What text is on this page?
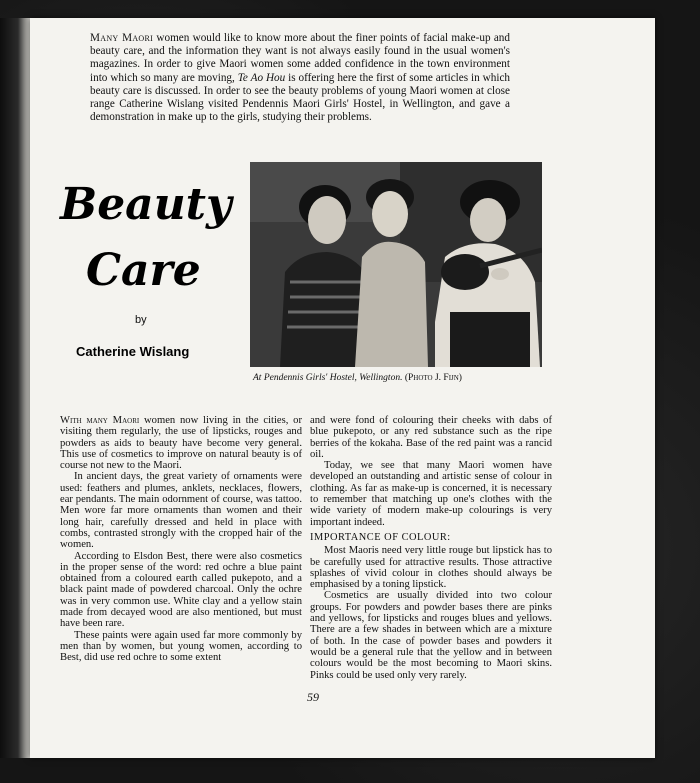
Many Maori women would like to know more about the finer points of facial make-up and beauty care, and the information they want is not always easily found in the usual women's magazines. In order to give Maori women some added confidence in the town environment into which so many are moving, Te Ao Hou is offering here the first of some articles in which beauty care is discussed. In order to see the beauty problems of young Maori women at close range Catherine Wislang visited Pendennis Maori Girls' Hostel, in Wellington, and gave a demonstration in make up to the girls, studying their problems.
Beauty
Care
by
Catherine Wislang
At Pendennis Girls' Hostel, Wellington. (Photo J. Fijn)

With many Maori women now living in the cities, or visiting them regularly, the use of lipsticks, rouges and powders as aids to beauty have become very general. This use of cosmetics to improve on natural beauty is of course not new to the Maori.

In ancient days, the great variety of ornaments were used: feathers and plumes, anklets, necklaces, flowers, ear pendants. The main odornment of course, was tattoo. Men wore far more ornaments than women and their long hair, carefully dressed and held in place with combs, contrasted strongly with the cropped hair of the women.

According to Elsdon Best, there were also cosmetics in the proper sense of the word: red ochre a blue paint obtained from a coloured earth called pukepoto, and a black paint made of powdered charcoal. Only the ochre was in very common use. White clay and a yellow stain made from decayed wood are also mentioned, but must have been rare.

These paints were again used far more commonly by men than by women, but young women, according to Best, did use red ochre to some extent

and were fond of colouring their cheeks with dabs of blue pukepoto, or any red substance such as the ripe berries of the kokaha. Base of the red paint was a rancid oil.

Today, we see that many Maori women have developed an outstanding and artistic sense of colour in clothing. As far as make-up is concerned, it is necessary to remember that matching up one's clothes with the wide variety of modern make-up colourings is very important indeed.

IMPORTANCE OF COLOUR:

Most Maoris need very little rouge but lipstick has to be carefully used for attractive results. Those attractive splashes of vivid colour in clothes should always be emphasised by a toning lipstick.

Cosmetics are usually divided into two colour groups. For powders and powder bases there are pinks and yellows, for lipsticks and rouges blues and yellows. There are a few shades in between which are a mixture of both. In the case of powder bases and powders it would be a general rule that the yellow and in between colours would be the most becoming to Maori skins. Pinks could be used only very rarely.

59
